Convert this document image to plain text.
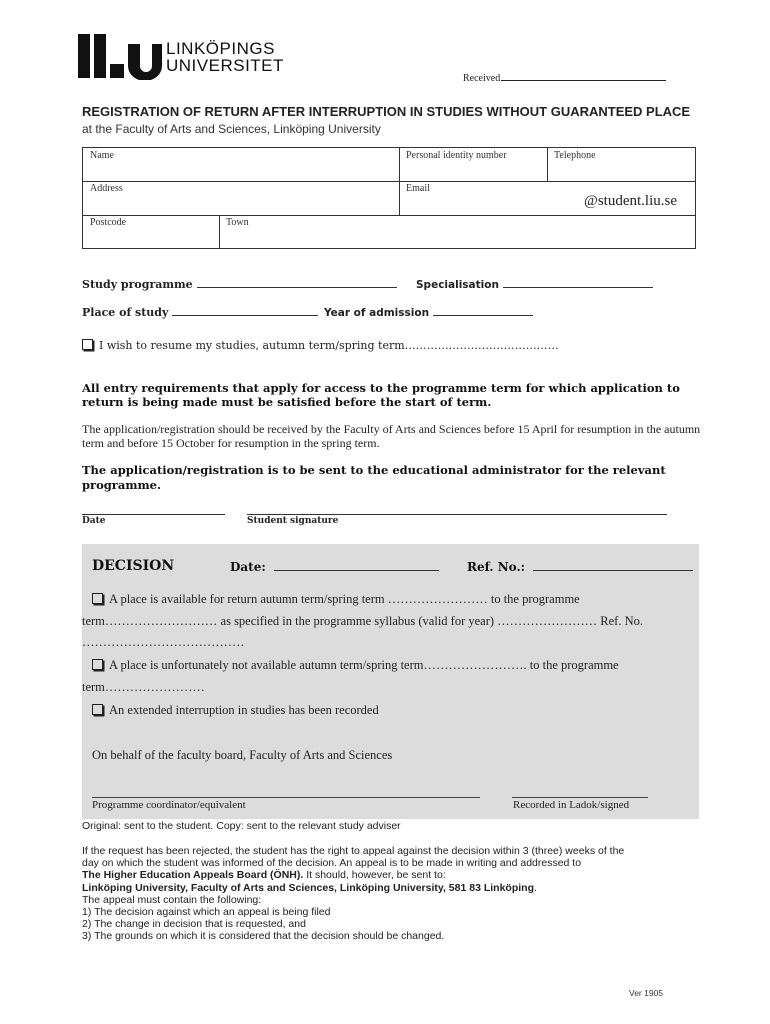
LINKÖPINGS
UNIVERSITET
Received
REGISTRATION OF RETURN AFTER INTERRUPTION IN STUDIES WITHOUT GUARANTEED PLACE
at the Faculty of Arts and Sciences, Linköping University
Name	Personal identity number	Telephone
Address	Email
@student.liu.se
Postcode	Town
Study programme	Specialisation
Place of study	Year of admission
I wish to resume my studies, autumn term/spring term……………………………………
All entry requirements that apply for access to the programme term for which application to return is being made must be satisfied before the start of term.
The application/registration should be received by the Faculty of Arts and Sciences before 15 April for resumption in the autumn term and before 15 October for resumption in the spring term.
The application/registration is to be sent to the educational administrator for the relevant programme.
Date	Student signature
DECISION	Date:	Ref. No.:
A place is available for return autumn term/spring term …………………… to the programme
term……………………… as specified in the programme syllabus (valid for year) …………………… Ref. No.
…………………………………
A place is unfortunately not available autumn term/spring term……………………. to the programme
term……………………
An extended interruption in studies has been recorded
On behalf of the faculty board, Faculty of Arts and Sciences
Programme coordinator/equivalent	Recorded in Ladok/signed
Original: sent to the student. Copy: sent to the relevant study adviser
If the request has been rejected, the student has the right to appeal against the decision within 3 (three) weeks of the
day on which the student was informed of the decision. An appeal is to be made in writing and addressed to
The Higher Education Appeals Board (ÖNH). It should, however, be sent to:
Linköping University, Faculty of Arts and Sciences, Linköping University, 581 83 Linköping.
The appeal must contain the following:
1) The decision against which an appeal is being filed
2) The change in decision that is requested, and
3) The grounds on which it is considered that the decision should be changed.
Ver 1905
